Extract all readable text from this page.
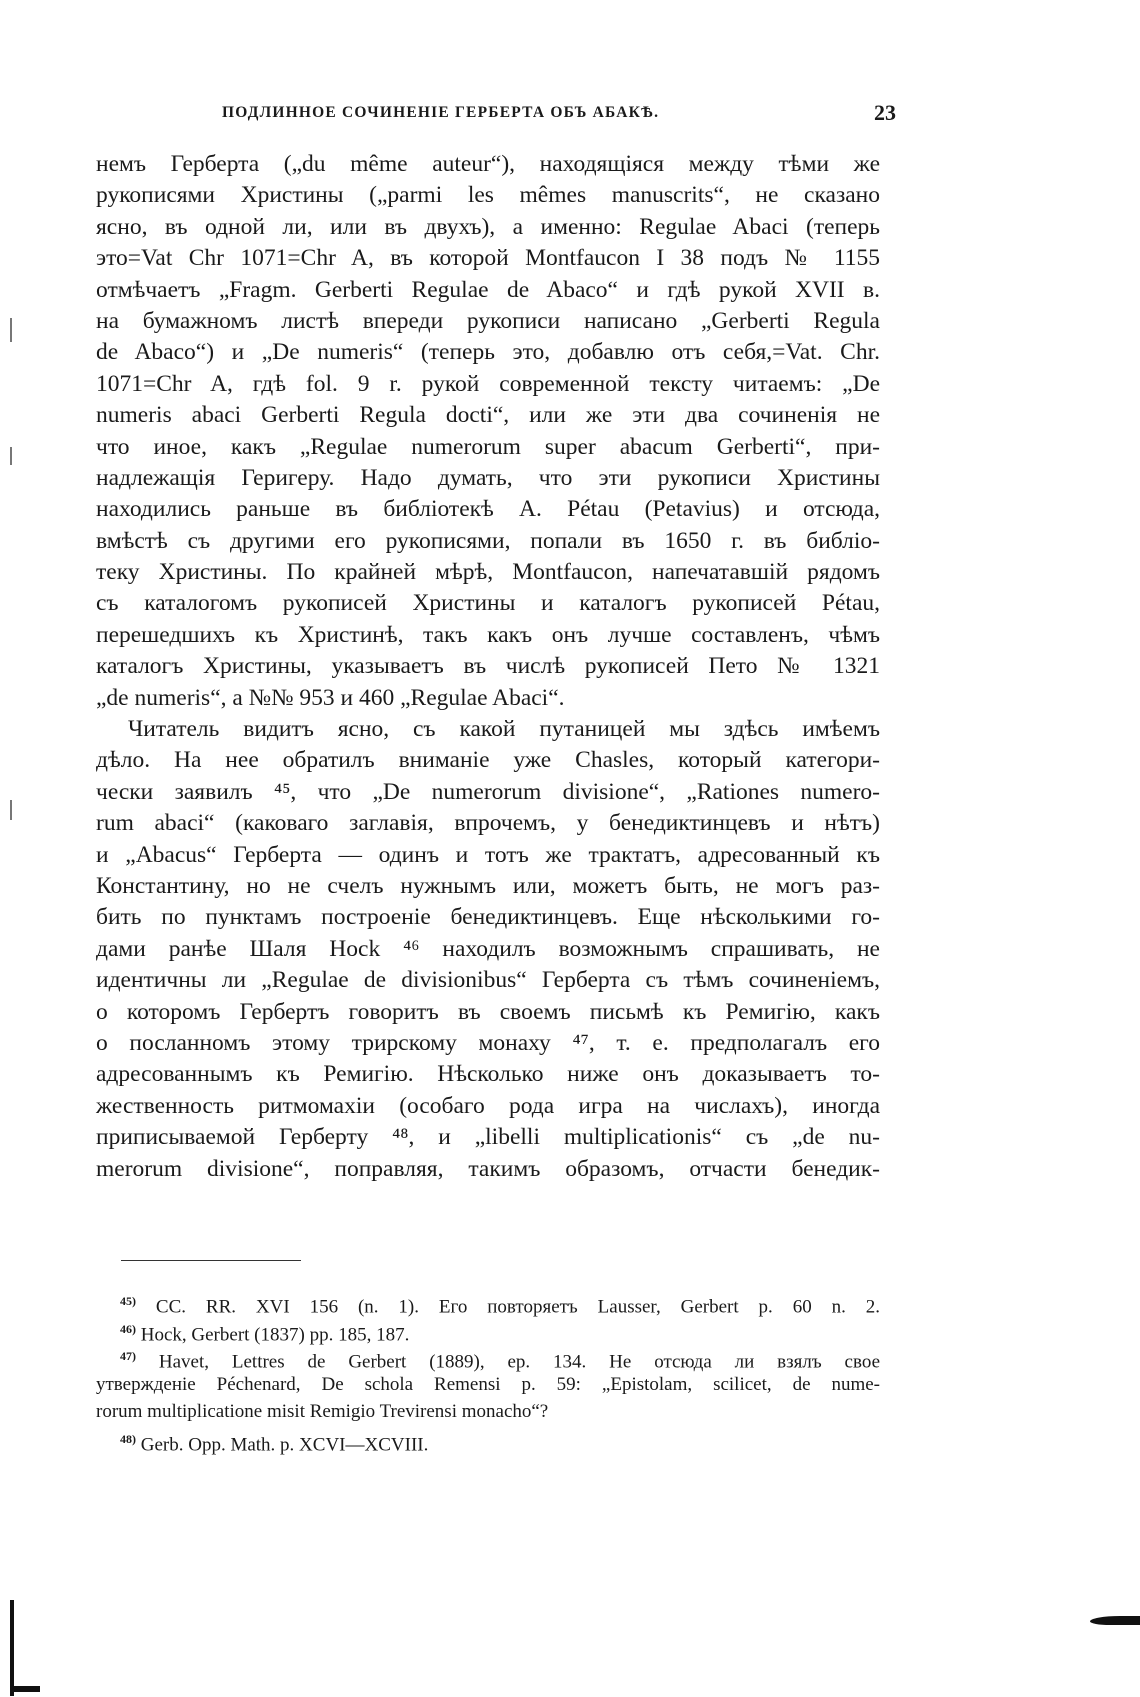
ПОДЛИННОЕ СОЧИНЕНІЕ ГЕРБЕРТА ОБЪ АБАКѢ.	23
немъ Герберта („du même auteur“), находящіяся между тѣми же
рукописями Христины („parmi les mêmes manuscrits“, не сказано
ясно, въ одной ли, или въ двухъ), а именно: Regulae Abaci (теперь
это=Vat Chr 1071=Chr A, въ которой Montfaucon I 38 подъ № 1155
отмѣчаетъ „Fragm. Gerberti Regulae de Abaco“ и гдѣ рукой XVII в.
на бумажномъ листѣ впереди рукописи написано „Gerberti Regula
de Abaco“) и „De numeris“ (теперь это, добавлю отъ себя,=Vat. Chr.
1071=Chr A, гдѣ fol. 9 r. рукой современной тексту читаемъ: „De
numeris abaci Gerberti Regula docti“, или же эти два сочиненія не
что иное, какъ „Regulae numerorum super abacum Gerberti“, при-
надлежащія Геригеру. Надо думать, что эти рукописи Христины
находились раньше въ библіотекѣ А. Pétau (Petavius) и отсюда,
вмѣстѣ съ другими его рукописями, попали въ 1650 г. въ библіо-
теку Христины. По крайней мѣрѣ, Montfaucon, напечатавшій рядомъ
съ каталогомъ рукописей Христины и каталогъ рукописей Pétau,
перешедшихъ къ Христинѣ, такъ какъ онъ лучше составленъ, чѣмъ
каталогъ Христины, указываетъ въ числѣ рукописей Пето № 1321
„de numeris“, а №№ 953 и 460 „Regulae Abaci“.
Читатель видитъ ясно, съ какой путаницей мы здѣсь имѣемъ
дѣло. На нее обратилъ вниманіе уже Chasles, который категори-
чески заявилъ ⁴⁵, что „De numerorum divisione“, „Rationes numero-
rum abaci“ (каковаго заглавія, впрочемъ, у бенедиктинцевъ и нѣтъ)
и „Abacus“ Герберта — одинъ и тотъ же трактатъ, адресованный къ
Константину, но не счелъ нужнымъ или, можетъ быть, не могъ раз-
бить по пунктамъ построеніе бенедиктинцевъ. Еще нѣсколькими го-
дами ранѣе Шаля Hock ⁴⁶ находилъ возможнымъ спрашивать, не
идентичны ли „Regulae de divisionibus“ Герберта съ тѣмъ сочиненіемъ,
о которомъ Гербертъ говоритъ въ своемъ письмѣ къ Ремигію, какъ
о посланномъ этому трирскому монаху ⁴⁷, т. е. предполагалъ его
адресованнымъ къ Ремигію. Нѣсколько ниже онъ доказываетъ то-
жественность ритмомахіи (особаго рода игра на числахъ), иногда
приписываемой Герберту ⁴⁸, и „libelli multiplicationis“ съ „de nu-
merorum divisione“, поправляя, такимъ образомъ, отчасти бенедик-
$^{45)}$ CC. RR. XVI 156 (n. 1). Его повторяетъ Lausser, Gerbert p. 60 n. 2.
$^{46)}$ Hock, Gerbert (1837) pp. 185, 187.
$^{47)}$ Havet, Lettres de Gerbert (1889), ep. 134. Не отсюда ли взялъ свое
утвержденіе Péchenard, De schola Remensi p. 59: „Epistolam, scilicet, de nume-
rorum multiplicatione misit Remigio Trevirensi monacho“?
$^{48)}$ Gerb. Opp. Math. p. XCVI—XCVIII.
